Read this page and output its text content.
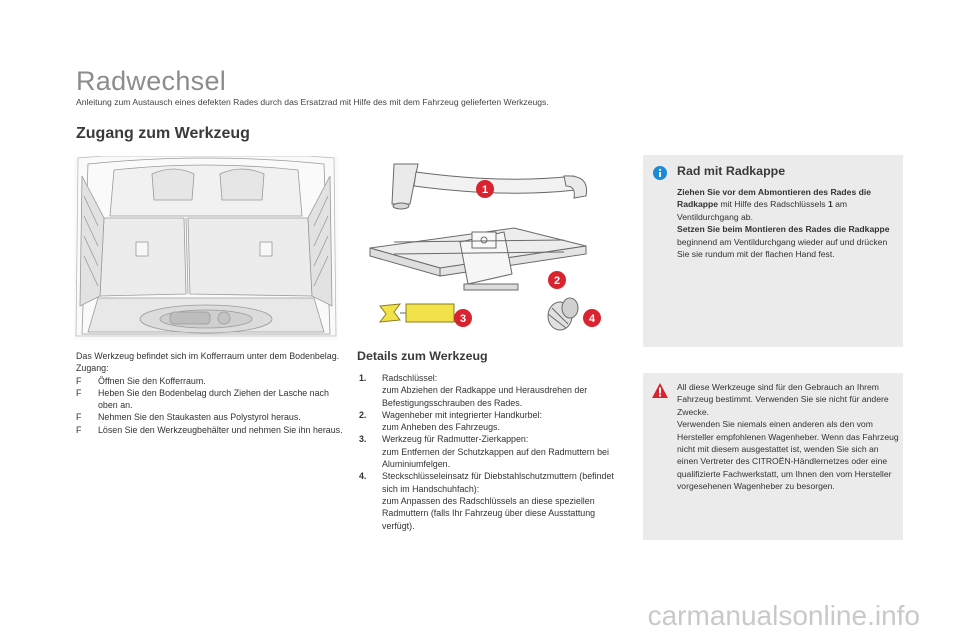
Radwechsel
Anleitung zum Austausch eines defekten Rades durch das Ersatzrad mit Hilfe des mit dem Fahrzeug gelieferten Werkzeugs.
Zugang zum Werkzeug
Das Werkzeug befindet sich im Kofferraum unter dem Bodenbelag.
Zugang:
F Öffnen Sie den Kofferraum.
F Heben Sie den Bodenbelag durch Ziehen der Lasche nach oben an.
F Nehmen Sie den Staukasten aus Polystyrol heraus.
F Lösen Sie den Werkzeugbehälter und nehmen Sie ihn heraus.
1
2
3	4
Details zum Werkzeug
1. Radschlüssel:
zum Abziehen der Radkappe und Herausdrehen der Befestigungsschrauben des Rades.
2. Wagenheber mit integrierter Handkurbel:
zum Anheben des Fahrzeugs.
3. Werkzeug für Radmutter-Zierkappen:
zum Entfernen der Schutzkappen auf den Radmuttern bei Aluminiumfelgen.
4. Steckschlüsseleinsatz für Diebstahlschutzmuttern (befindet sich im Handschuhfach):
zum Anpassen des Radschlüssels an diese speziellen Radmuttern (falls Ihr Fahrzeug über diese Ausstattung verfügt).
Rad mit Radkappe
Ziehen Sie vor dem Abmontieren des Rades die Radkappe mit Hilfe des Radschlüssels 1 am Ventildurchgang ab.
Setzen Sie beim Montieren des Rades die Radkappe beginnend am Ventildurchgang wieder auf und drücken Sie sie rundum mit der flachen Hand fest.
All diese Werkzeuge sind für den Gebrauch an Ihrem Fahrzeug bestimmt. Verwenden Sie sie nicht für andere Zwecke.
Verwenden Sie niemals einen anderen als den vom Hersteller empfohlenen Wagenheber. Wenn das Fahrzeug nicht mit diesem ausgestattet ist, wenden Sie sich an einen Vertreter des CITROËN-Händlernetzes oder eine qualifizierte Fachwerkstatt, um Ihnen den vom Hersteller vorgesehenen Wagenheber zu besorgen.
carmanualsonline.info
